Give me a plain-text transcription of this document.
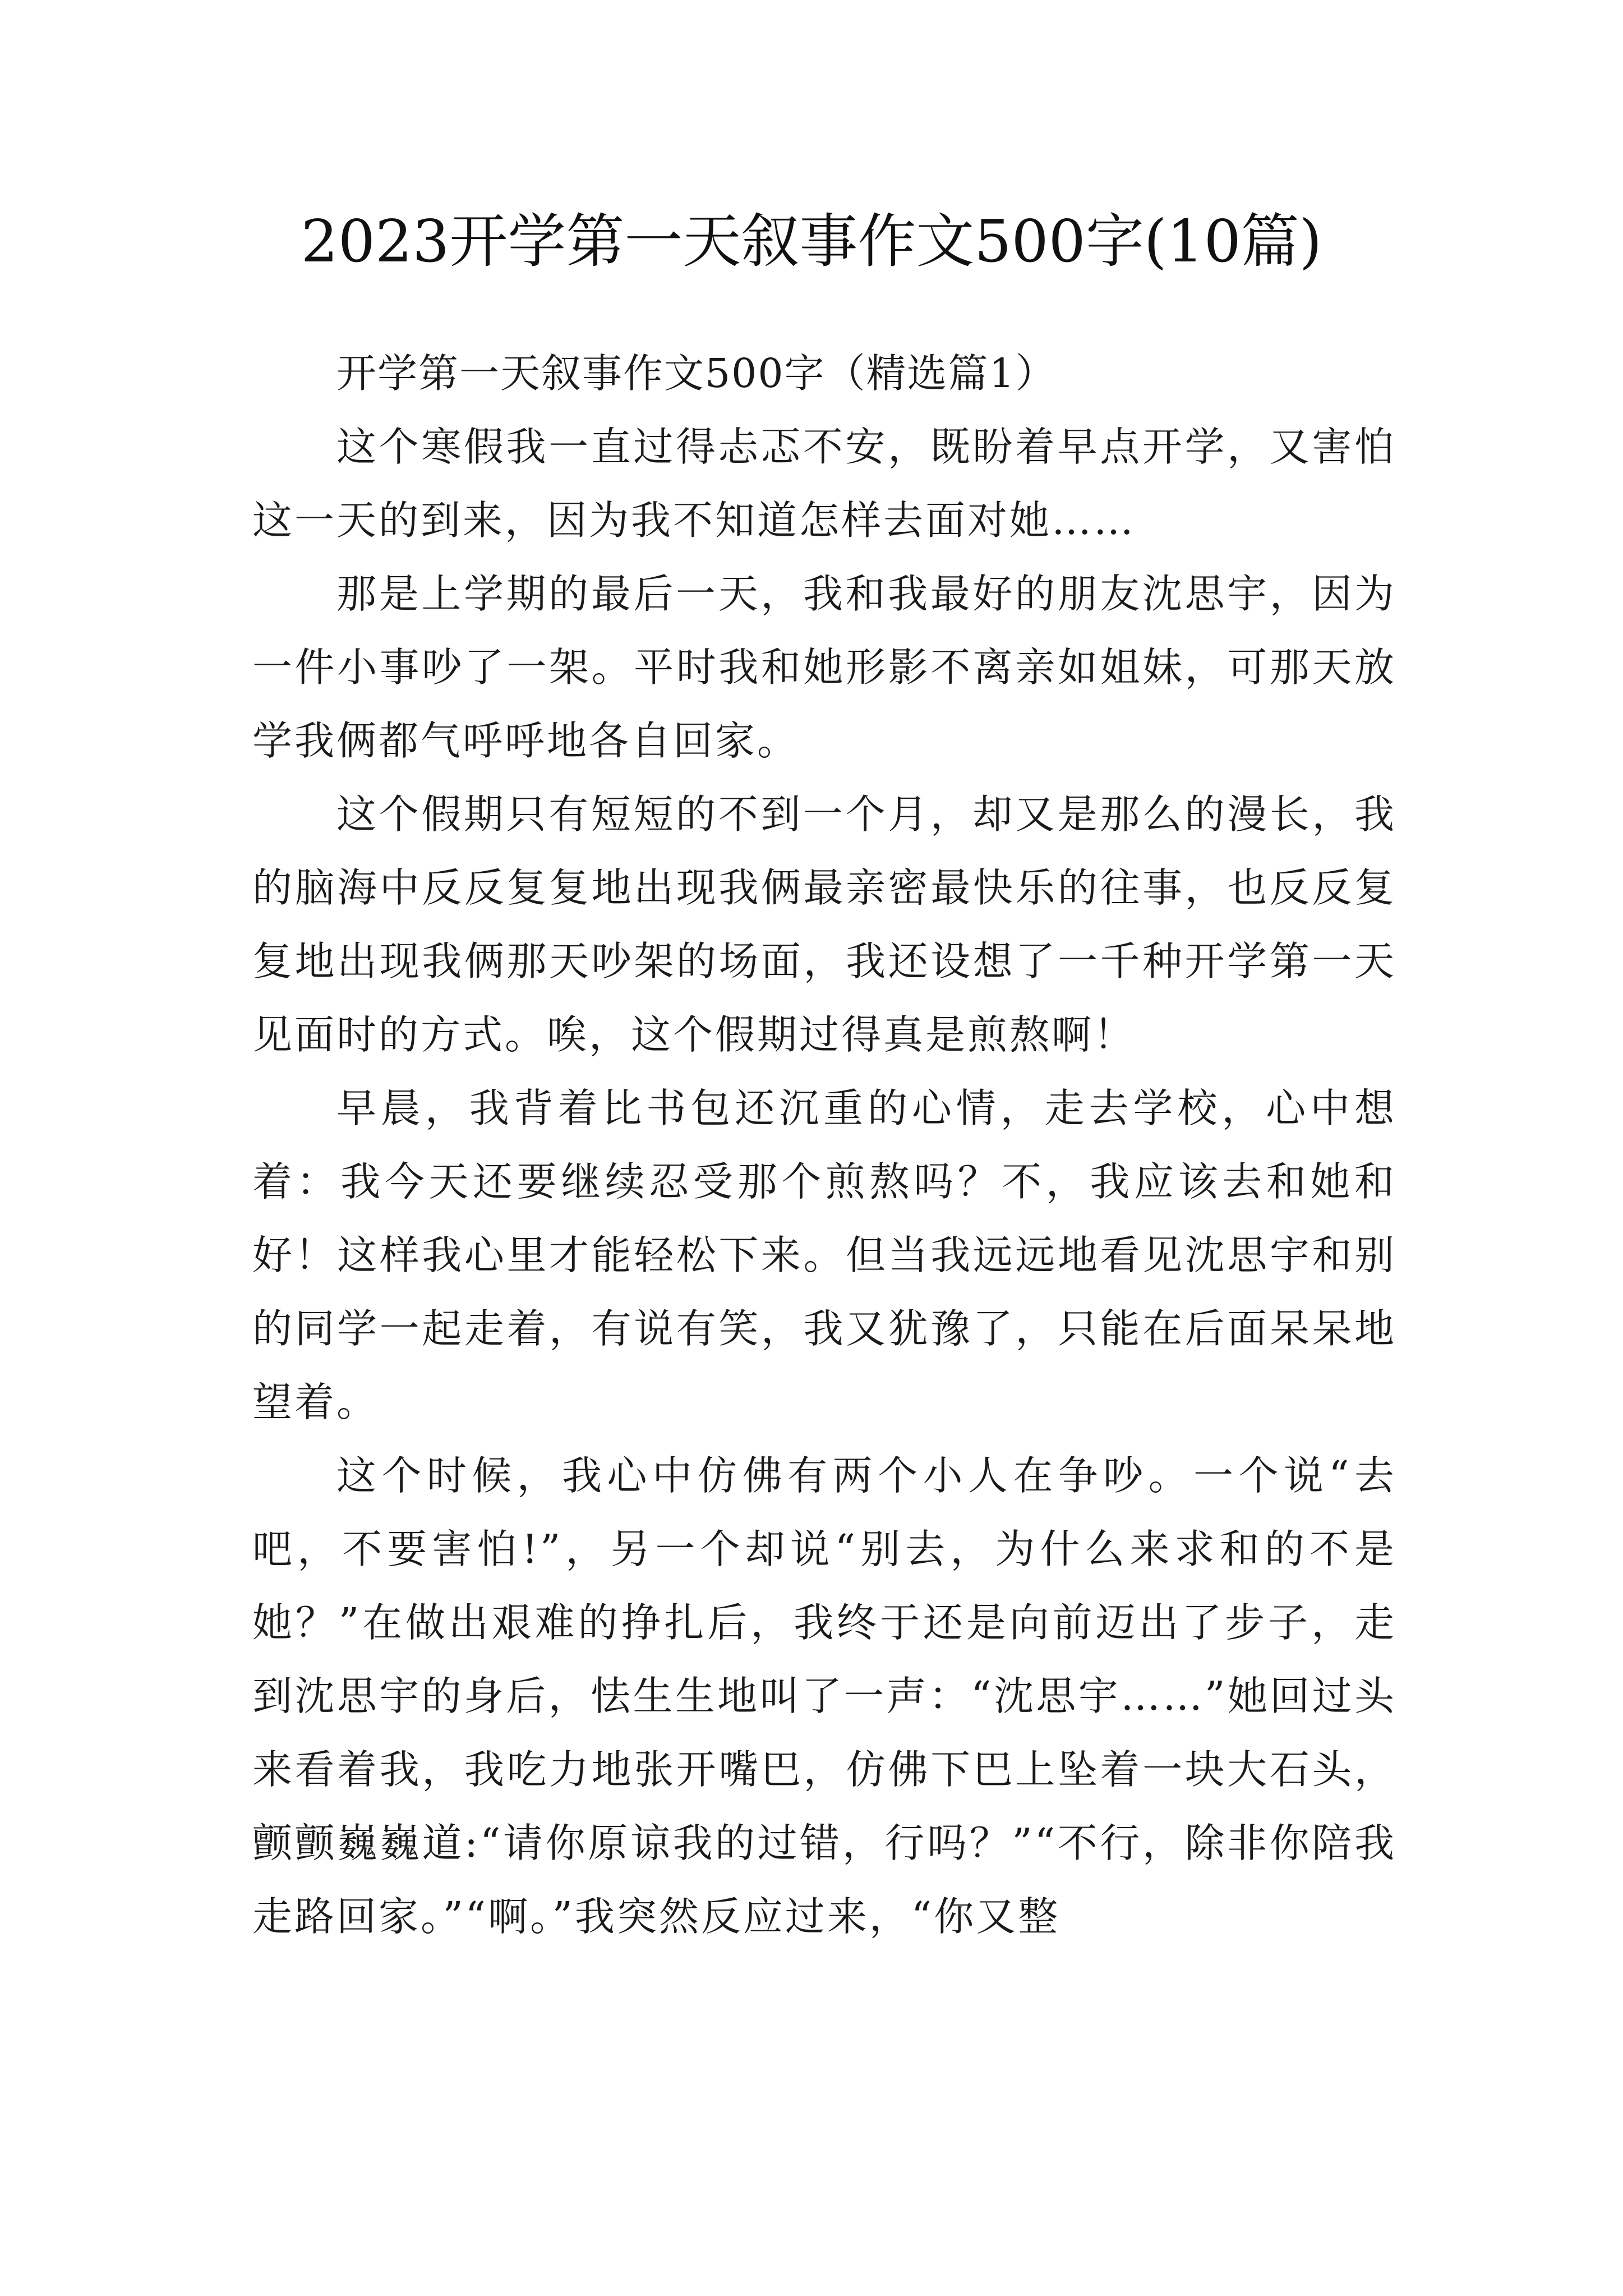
2023开学第一天叙事作文500字(10篇)

开学第一天叙事作文500字（精选篇1）

这个寒假我一直过得忐忑不安，既盼着早点开学，又害怕这一天的到来，因为我不知道怎样去面对她……

那是上学期的最后一天，我和我最好的朋友沈思宇，因为一件小事吵了一架。平时我和她形影不离亲如姐妹，可那天放学我俩都气呼呼地各自回家。

这个假期只有短短的不到一个月，却又是那么的漫长，我的脑海中反反复复地出现我俩最亲密最快乐的往事，也反反复复地出现我俩那天吵架的场面，我还设想了一千种开学第一天见面时的方式。唉，这个假期过得真是煎熬啊！

早晨，我背着比书包还沉重的心情，走去学校，心中想着：我今天还要继续忍受那个煎熬吗？不，我应该去和她和好！这样我心里才能轻松下来。但当我远远地看见沈思宇和别的同学一起走着，有说有笑，我又犹豫了，只能在后面呆呆地望着。

这个时候，我心中仿佛有两个小人在争吵。一个说“去吧，不要害怕!”，另一个却说“别去，为什么来求和的不是她？”在做出艰难的挣扎后，我终于还是向前迈出了步子，走到沈思宇的身后，怯生生地叫了一声：“沈思宇……”她回过头来看着我，我吃力地张开嘴巴，仿佛下巴上坠着一块大石头，颤颤巍巍道:“请你原谅我的过错，行吗？”“不行，除非你陪我走路回家。”“啊。”我突然反应过来，“你又整
